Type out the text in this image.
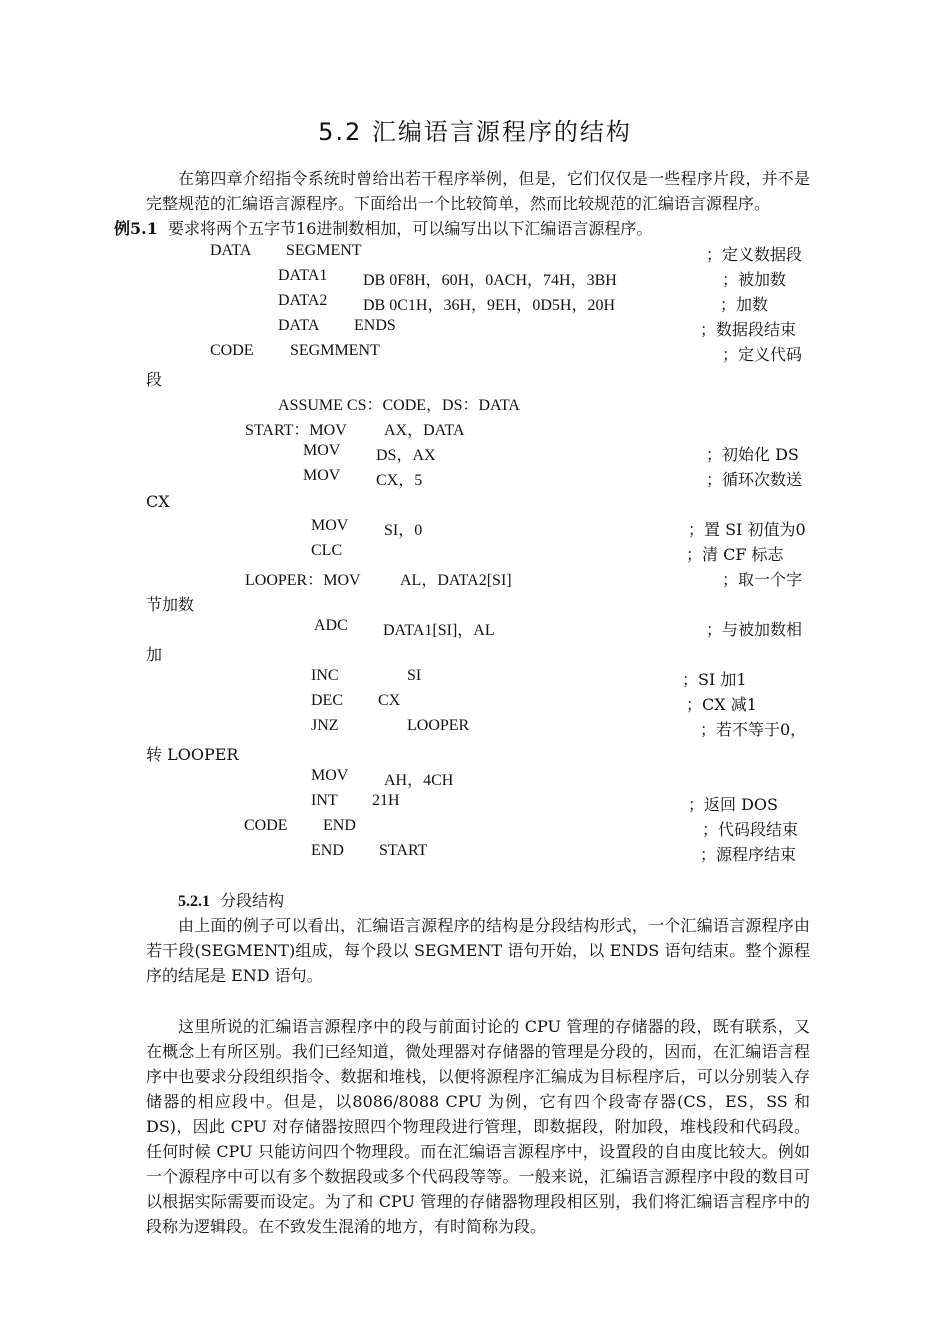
5.2 汇编语言源程序的结构

在第四章介绍指令系统时曾给出若干程序举例，但是，它们仅仅是一些程序片段，并不是完整规范的汇编语言源程序。下面给出一个比较简单，然而比较规范的汇编语言源程序。
例5.1 要求将两个五字节16进制数相加，可以编写出以下汇编语言源程序。

DATA SEGMENT	；定义数据段
DATA1 DB 0F8H，60H，0ACH，74H，3BH	；被加数
DATA2 DB 0C1H，36H，9EH，0D5H，20H	；加数
DATA ENDS	；数据段结束
CODE SEGMMENT	；定义代码
段
ASSUME CS：CODE，DS：DATA
START：MOV AX，DATA
MOV DS，AX	；初始化 DS
MOV CX，5	；循环次数送
CX
MOV SI，0	；置 SI 初值为0
CLC	；清 CF 标志
LOOPER：MOV AL，DATA2[SI]	；取一个字
节加数
ADC DATA1[SI]，AL	；与被加数相
加
INC	SI	；SI 加1
DEC CX	；CX 减1
JNZ	LOOPER	；若不等于0，
转 LOOPER
MOV AH，4CH
INT 21H	；返回 DOS
CODE END	；代码段结束
END START	；源程序结束
5.2.1 分段结构

由上面的例子可以看出，汇编语言源程序的结构是分段结构形式，一个汇编语言源程序由若干段(SEGMENT)组成，每个段以 SEGMENT 语句开始，以 ENDS 语句结束。整个源程序的结尾是 END 语句。

这里所说的汇编语言源程序中的段与前面讨论的 CPU 管理的存储器的段，既有联系，又在概念上有所区别。我们已经知道，微处理器对存储器的管理是分段的，因而，在汇编语言程序中也要求分段组织指令、数据和堆栈，以便将源程序汇编成为目标程序后，可以分别装入存储器的相应段中。但是，以8086/8088 CPU 为例，它有四个段寄存器(CS，ES，SS 和 DS)，因此 CPU 对存储器按照四个物理段进行管理，即数据段，附加段，堆栈段和代码段。任何时候 CPU 只能访问四个物理段。而在汇编语言源程序中，设置段的自由度比较大。例如一个源程序中可以有多个数据段或多个代码段等等。一般来说，汇编语言源程序中段的数目可以根据实际需要而设定。为了和 CPU 管理的存储器物理段相区别，我们将汇编语言程序中的段称为逻辑段。在不致发生混淆的地方，有时简称为段。
